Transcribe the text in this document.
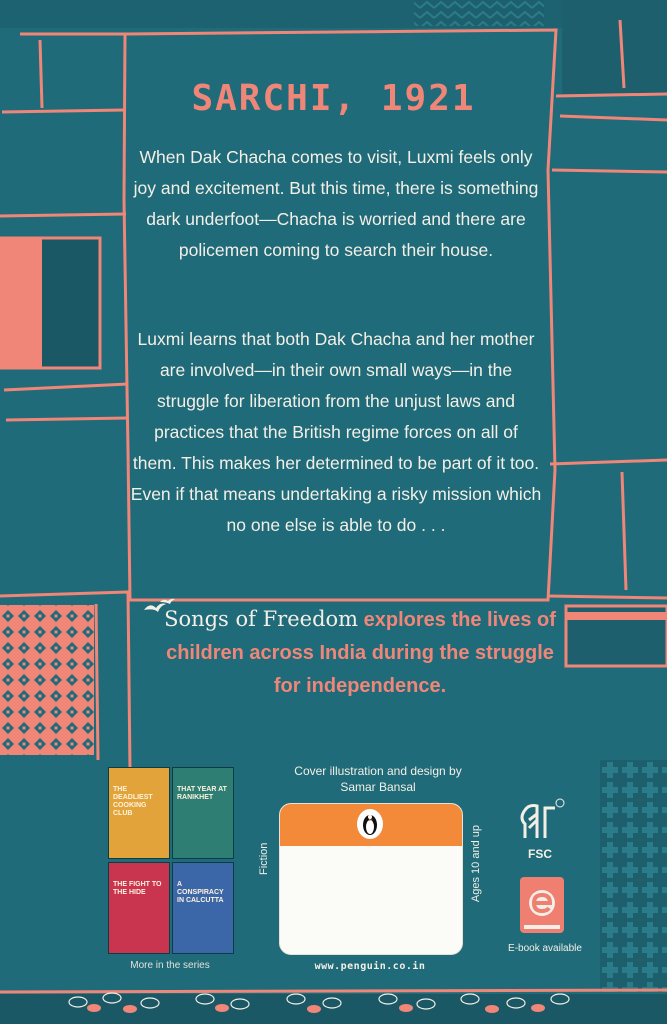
SARCHI, 1921
When Dak Chacha comes to visit, Luxmi feels only joy and excitement. But this time, there is something dark underfoot—Chacha is worried and there are policemen coming to search their house.
Luxmi learns that both Dak Chacha and her mother are involved—in their own small ways—in the struggle for liberation from the unjust laws and practices that the British regime forces on all of them. This makes her determined to be part of it too. Even if that means undertaking a risky mission which no one else is able to do . . .
Songs of Freedom explores the lives of children across India during the struggle for independence.
THE DEADLIEST COOKING CLUB
THAT YEAR AT RANIKHET
THE FIGHT TO THE HIDE
A CONSPIRACY IN CALCUTTA
More in the series
Cover illustration and design by Samar Bansal
Fiction	Ages 10 and up
www.penguin.co.in
FSC
E-book available
